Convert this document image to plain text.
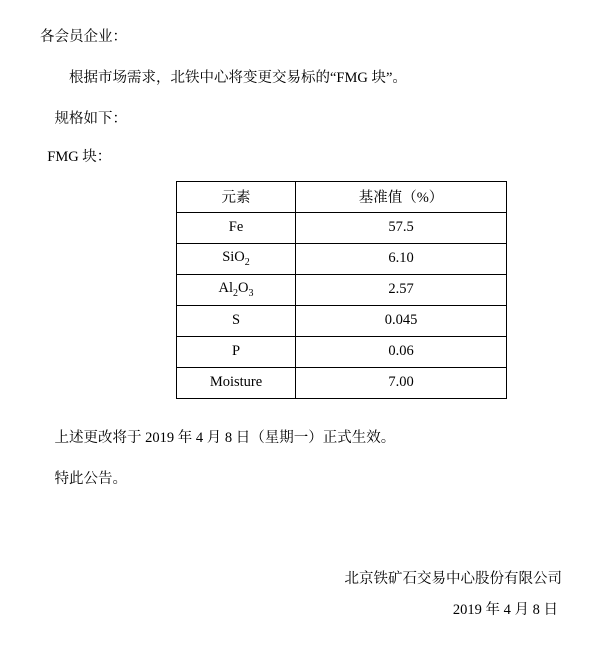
各会员企业：

根据市场需求，北铁中心将变更交易标的“FMG 块”。

规格如下：

FMG 块：

元素	基准值（%）
Fe	57.5
SiO$_2$	6.10
$Al_2O_3$	2.57
S	0.045
P	0.06
Moisture	7.00

上述更改将于 2019 年 4 月 8 日（星期一）正式生效。

特此公告。

北京铁矿石交易中心股份有限公司
2019 年 4 月 8 日
